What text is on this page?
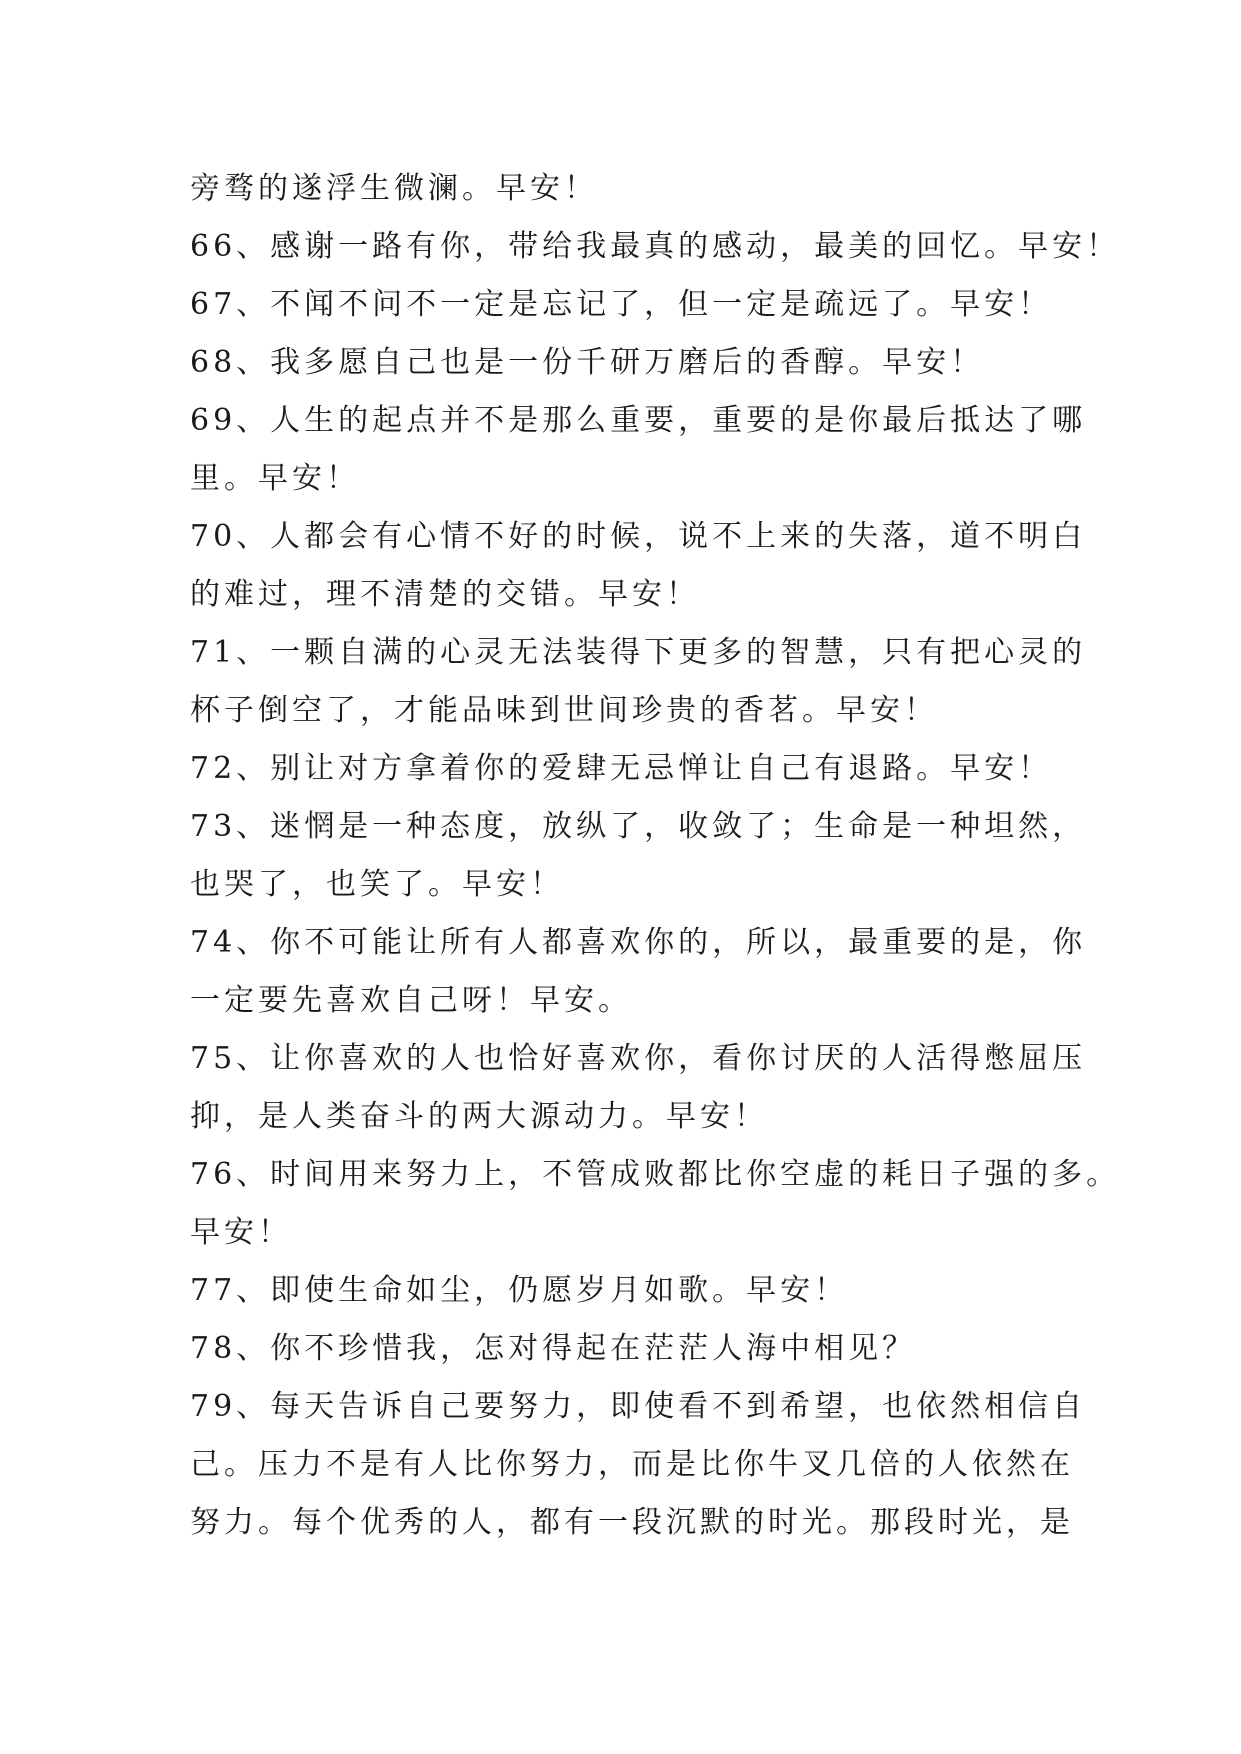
旁骛的遂浮生微澜。早安！
66、感谢一路有你，带给我最真的感动，最美的回忆。早安！
67、不闻不问不一定是忘记了，但一定是疏远了。早安！
68、我多愿自己也是一份千研万磨后的香醇。早安！
69、人生的起点并不是那么重要，重要的是你最后抵达了哪
里。早安！
70、人都会有心情不好的时候，说不上来的失落，道不明白
的难过，理不清楚的交错。早安！
71、一颗自满的心灵无法装得下更多的智慧，只有把心灵的
杯子倒空了，才能品味到世间珍贵的香茗。早安！
72、别让对方拿着你的爱肆无忌惮让自己有退路。早安！
73、迷惘是一种态度，放纵了，收敛了；生命是一种坦然，
也哭了，也笑了。早安！
74、你不可能让所有人都喜欢你的，所以，最重要的是，你
一定要先喜欢自己呀！早安。
75、让你喜欢的人也恰好喜欢你，看你讨厌的人活得憋屈压
抑，是人类奋斗的两大源动力。早安！
76、时间用来努力上，不管成败都比你空虚的耗日子强的多。
早安！
77、即使生命如尘，仍愿岁月如歌。早安！
78、你不珍惜我，怎对得起在茫茫人海中相见？
79、每天告诉自己要努力，即使看不到希望，也依然相信自
己。压力不是有人比你努力，而是比你牛叉几倍的人依然在
努力。每个优秀的人，都有一段沉默的时光。那段时光，是
